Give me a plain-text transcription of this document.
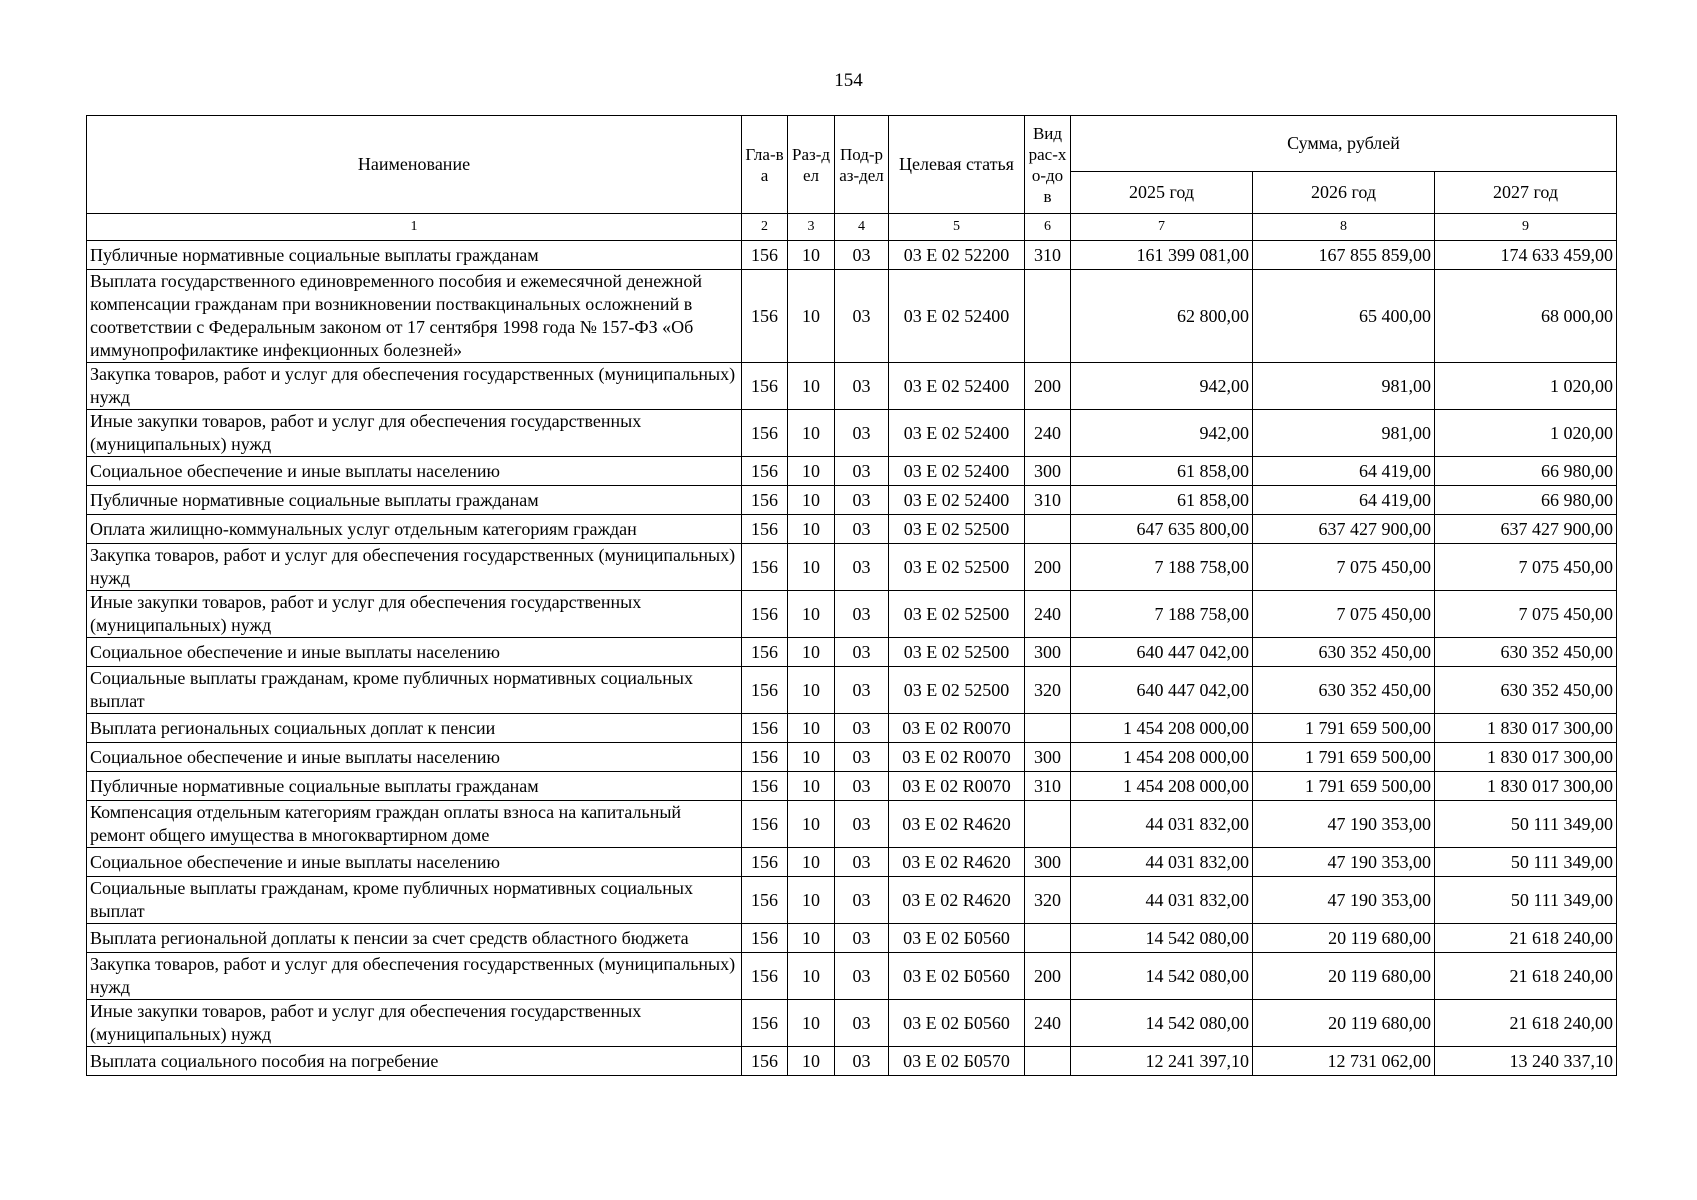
154
Наименование	Гла-ва	Раз-дел	Под-раз-дел	Целевая статья	Вид рас-хо-дов	Сумма, рублей		
						2025 год	2026 год	2027 год
1	2	3	4	5	6	7	8	9
Публичные нормативные социальные выплаты гражданам	156	10	03	03 Е 02 52200	310	161 399 081,00	167 855 859,00	174 633 459,00
Выплата государственного единовременного пособия и ежемесячной денежной компенсации гражданам при возникновении поствакцинальных осложнений в соответствии с Федеральным законом от 17 сентября 1998 года № 157-ФЗ «Об иммунопрофилактике инфекционных болезней»	156	10	03	03 Е 02 52400		62 800,00	65 400,00	68 000,00
Закупка товаров, работ и услуг для обеспечения государственных (муниципальных) нужд	156	10	03	03 Е 02 52400	200	942,00	981,00	1 020,00
Иные закупки товаров, работ и услуг для обеспечения государственных (муниципальных) нужд	156	10	03	03 Е 02 52400	240	942,00	981,00	1 020,00
Социальное обеспечение и иные выплаты населению	156	10	03	03 Е 02 52400	300	61 858,00	64 419,00	66 980,00
Публичные нормативные социальные выплаты гражданам	156	10	03	03 Е 02 52400	310	61 858,00	64 419,00	66 980,00
Оплата жилищно-коммунальных услуг отдельным категориям граждан	156	10	03	03 Е 02 52500		647 635 800,00	637 427 900,00	637 427 900,00
Закупка товаров, работ и услуг для обеспечения государственных (муниципальных) нужд	156	10	03	03 Е 02 52500	200	7 188 758,00	7 075 450,00	7 075 450,00
Иные закупки товаров, работ и услуг для обеспечения государственных (муниципальных) нужд	156	10	03	03 Е 02 52500	240	7 188 758,00	7 075 450,00	7 075 450,00
Социальное обеспечение и иные выплаты населению	156	10	03	03 Е 02 52500	300	640 447 042,00	630 352 450,00	630 352 450,00
Социальные выплаты гражданам, кроме публичных нормативных социальных выплат	156	10	03	03 Е 02 52500	320	640 447 042,00	630 352 450,00	630 352 450,00
Выплата региональных социальных доплат к пенсии	156	10	03	03 Е 02 R0070		1 454 208 000,00	1 791 659 500,00	1 830 017 300,00
Социальное обеспечение и иные выплаты населению	156	10	03	03 Е 02 R0070	300	1 454 208 000,00	1 791 659 500,00	1 830 017 300,00
Публичные нормативные социальные выплаты гражданам	156	10	03	03 Е 02 R0070	310	1 454 208 000,00	1 791 659 500,00	1 830 017 300,00
Компенсация отдельным категориям граждан оплаты взноса на капитальный ремонт общего имущества в многоквартирном доме	156	10	03	03 Е 02 R4620		44 031 832,00	47 190 353,00	50 111 349,00
Социальное обеспечение и иные выплаты населению	156	10	03	03 Е 02 R4620	300	44 031 832,00	47 190 353,00	50 111 349,00
Социальные выплаты гражданам, кроме публичных нормативных социальных выплат	156	10	03	03 Е 02 R4620	320	44 031 832,00	47 190 353,00	50 111 349,00
Выплата региональной доплаты к пенсии за счет средств областного бюджета	156	10	03	03 Е 02 Б0560		14 542 080,00	20 119 680,00	21 618 240,00
Закупка товаров, работ и услуг для обеспечения государственных (муниципальных) нужд	156	10	03	03 Е 02 Б0560	200	14 542 080,00	20 119 680,00	21 618 240,00
Иные закупки товаров, работ и услуг для обеспечения государственных (муниципальных) нужд	156	10	03	03 Е 02 Б0560	240	14 542 080,00	20 119 680,00	21 618 240,00
Выплата социального пособия на погребение	156	10	03	03 Е 02 Б0570		12 241 397,10	12 731 062,00	13 240 337,10
